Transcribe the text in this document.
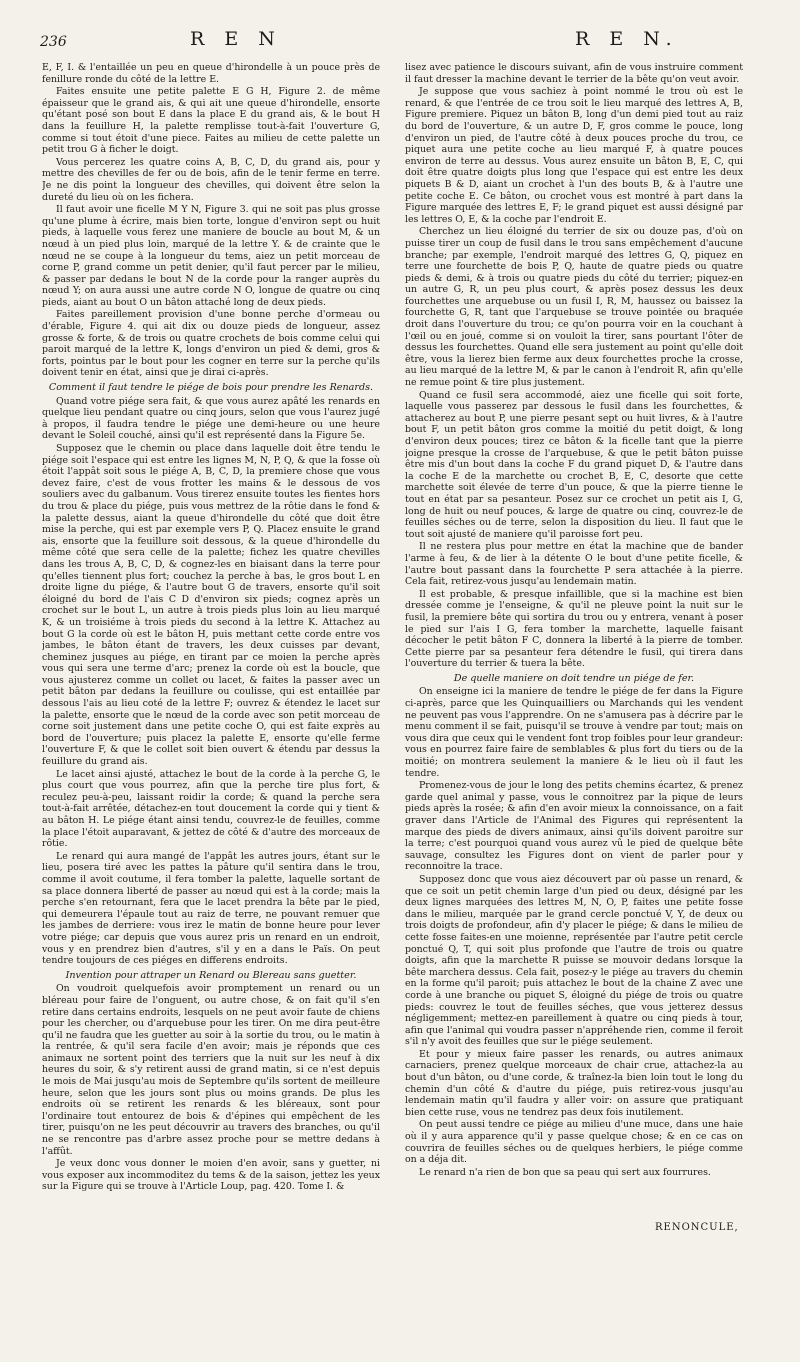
236	R E N	R E N.

E, F, I. & l'entaillée un peu en queue d'hirondelle à un pouce près de fenillure ronde du côté de la lettre E.

Faites ensuite une petite palette E G H, Figure 2. de même épaisseur que le grand ais, & qui ait une queue d'hirondelle, ensorte qu'étant posé son bout E dans la place E du grand ais, & le bout H dans la feuillure H, la palette remplisse tout-à-fait l'ouverture G, comme si tout étoit d'une piece. Faites au milieu de cette palette un petit trou G à ficher le doigt.

Vous percerez les quatre coins A, B, C, D, du grand ais, pour y mettre des chevilles de fer ou de bois, afin de le tenir ferme en terre. Je ne dis point la longueur des chevilles, qui doivent être selon la dureté du lieu où on les fichera.

Il faut avoir une ficelle M Y N, Figure 3. qui ne soit pas plus grosse qu'une plume à écrire, mais bien torte, longue d'environ sept ou huit pieds, à laquelle vous ferez une maniere de boucle au bout M, & un nœud à un pied plus loin, marqué de la lettre Y. & de crainte que le nœud ne se coupe à la longueur du tems, aiez un petit morceau de corne P, grand comme un petit denier, qu'il faut percer par le milieu, & passer par dedans le bout N de la corde pour la ranger auprès du nœud Y; on aura aussi une autre corde N O, longue de quatre ou cinq pieds, aiant au bout O un bâton attaché long de deux pieds.

Faites pareillement provision d'une bonne perche d'ormeau ou d'érable, Figure 4. qui ait dix ou douze pieds de longueur, assez grosse & forte, & de trois ou quatre crochets de bois comme celui qui paroit marqué de la lettre K, longs d'environ un pied & demi, gros & forts, pointus par le bout pour les cogner en terre sur la perche qu'ils doivent tenir en état, ainsi que je dirai ci-après.

Comment il faut tendre le piége de bois pour prendre les Renards.

Quand votre piége sera fait, & que vous aurez apâté les renards en quelque lieu pendant quatre ou cinq jours, selon que vous l'aurez jugé à propos, il faudra tendre le piége une demi-heure ou une heure devant le Soleil couché, ainsi qu'il est représenté dans la Figure 5e.

Supposez que le chemin ou place dans laquelle doit être tendu le piége soit l'espace qui est entre les lignes M, N, P, Q, & que la fosse où étoit l'appât soit sous le piége A, B, C, D, la premiere chose que vous devez faire, c'est de vous frotter les mains & le dessous de vos souliers avec du galbanum. Vous tirerez ensuite toutes les fientes hors du trou & place du piége, puis vous mettrez de la rôtie dans le fond & la palette dessus, aiant la queue d'hirondelle du côté que doit être mise la perche, qui est par exemple vers P, Q. Placez ensuite le grand ais, ensorte que la feuillure soit dessous, & la queue d'hirondelle du même côté que sera celle de la palette; fichez les quatre chevilles dans les trous A, B, C, D, & cognez-les en biaisant dans la terre pour qu'elles tiennent plus fort; couchez la perche à bas, le gros bout L en droite ligne du piége, & l'autre bout G de travers, ensorte qu'il soit éloigné du bord de l'ais C D d'environ six pieds; cognez après un crochet sur le bout L, un autre à trois pieds plus loin au lieu marqué K, & un troisiéme à trois pieds du second à la lettre K. Attachez au bout G la corde où est le bâton H, puis mettant cette corde entre vos jambes, le bâton étant de travers, les deux cuisses par devant, cheminez jusques au piége, en tirant par ce moien la perche après vous qui sera une terme d'arc; prenez la corde où est la boucle, que vous ajusterez comme un collet ou lacet, & faites la passer avec un petit bâton par dedans la feuillure ou coulisse, qui est entaillée par dessous l'ais au lieu coté de la lettre F; ouvrez & étendez le lacet sur la palette, ensorte que le nœud de la corde avec son petit morceau de corne soit justement dans une petite coche O, qui est faite exprès au bord de l'ouverture; puis placez la palette E, ensorte qu'elle ferme l'ouverture F, & que le collet soit bien ouvert & étendu par dessus la feuillure du grand ais.

Le lacet ainsi ajusté, attachez le bout de la corde à la perche G, le plus court que vous pourrez, afin que la perche tire plus fort, & reculez peu-à-peu, laissant roidir la corde; & quand la perche sera tout-à-fait arrêtée, détachez-en tout doucement la corde qui y tient & au bâton H. Le piége étant ainsi tendu, couvrez-le de feuilles, comme la place l'étoit auparavant, & jettez de côté & d'autre des morceaux de rôtie.

Le renard qui aura mangé de l'appât les autres jours, étant sur le lieu, posera tiré avec les pattes la pâture qu'il sentira dans le trou, comme il avoit coutume, il fera tomber la palette, laquelle sortant de sa place donnera liberté de passer au nœud qui est à la corde; mais la perche s'en retournant, fera que le lacet prendra la bête par le pied, qui demeurera l'épaule tout au raiz de terre, ne pouvant remuer que les jambes de derriere: vous irez le matin de bonne heure pour lever votre piége; car depuis que vous aurez pris un renard en un endroit, vous y en prendrez bien d'autres, s'il y en a dans le Païs. On peut tendre toujours de ces piéges en differens endroits.

Invention pour attraper un Renard ou Blereau sans guetter.

On voudroit quelquefois avoir promptement un renard ou un bléreau pour faire de l'onguent, ou autre chose, & on fait qu'il s'en retire dans certains endroits, lesquels on ne peut avoir faute de chiens pour les chercher, ou d'arquebuse pour les tirer. On me dira peut-être qu'il ne faudra que les guetter au soir à la sortie du trou, ou le matin à la rentrée, & qu'il sera facile d'en avoir; mais je réponds que ces animaux ne sortent point des terriers que la nuit sur les neuf à dix heures du soir, & s'y retirent aussi de grand matin, si ce n'est depuis le mois de Mai jusqu'au mois de Septembre qu'ils sortent de meilleure heure, selon que les jours sont plus ou moins grands. De plus les endroits où se retirent les renards & les bléreaux, sont pour l'ordinaire tout entourez de bois & d'épines qui empêchent de les tirer, puisqu'on ne les peut découvrir au travers des branches, ou qu'il ne se rencontre pas d'arbre assez proche pour se mettre dedans à l'affût.

Je veux donc vous donner le moien d'en avoir, sans y guetter, ni vous exposer aux incommoditez du tems & de la saison, jettez les yeux sur la Figure qui se trouve à l'Article Loup, pag. 420. Tome I. &

lisez avec patience le discours suivant, afin de vous instruire comment il faut dresser la machine devant le terrier de la bête qu'on veut avoir.

Je suppose que vous sachiez à point nommé le trou où est le renard, & que l'entrée de ce trou soit le lieu marqué des lettres A, B, Figure premiere. Piquez un bâton B, long d'un demi pied tout au raiz du bord de l'ouverture, & un autre D, F, gros comme le pouce, long d'environ un pied, de l'autre côté à deux pouces proche du trou, ce piquet aura une petite coche au lieu marqué F, à quatre pouces environ de terre au dessus. Vous aurez ensuite un bâton B, E, C, qui doit être quatre doigts plus long que l'espace qui est entre les deux piquets B & D, aiant un crochet à l'un des bouts B, & à l'autre une petite coche E. Ce bâton, ou crochet vous est montré à part dans la Figure marquée des lettres E, F; le grand piquet est aussi désigné par les lettres O, E, & la coche par l'endroit E.

Cherchez un lieu éloigné du terrier de six ou douze pas, d'où on puisse tirer un coup de fusil dans le trou sans empêchement d'aucune branche; par exemple, l'endroit marqué des lettres G, Q, piquez en terre une fourchette de bois P, Q, haute de quatre pieds ou quatre pieds & demi, & à trois ou quatre pieds du côté du terrier; piquez-en un autre G, R, un peu plus court, & après posez dessus les deux fourchettes une arquebuse ou un fusil I, R, M, haussez ou baissez la fourchette G, R, tant que l'arquebuse se trouve pointée ou braquée droit dans l'ouverture du trou; ce qu'on pourra voir en la couchant à l'œil ou en joué, comme si on vouloit la tirer, sans pourtant l'ôter de dessus les fourchettes. Quand elle sera justement au point qu'elle doit être, vous la lierez bien ferme aux deux fourchettes proche la crosse, au lieu marqué de la lettre M, & par le canon à l'endroit R, afin qu'elle ne remue point & tire plus justement.

Quand ce fusil sera accommodé, aiez une ficelle qui soit forte, laquelle vous passerez par dessous le fusil dans les fourchettes, & attacherez au bout P, une pierre pesant sept ou huit livres, & à l'autre bout F, un petit bâton gros comme la moitié du petit doigt, & long d'environ deux pouces; tirez ce bâton & la ficelle tant que la pierre joigne presque la crosse de l'arquebuse, & que le petit bâton puisse être mis d'un bout dans la coche F du grand piquet D, & l'autre dans la coche E de la marchette ou crochet B, E, C, desorte que cette marchette soit élevée de terre d'un pouce, & que la pierre tienne le tout en état par sa pesanteur. Posez sur ce crochet un petit ais I, G, long de huit ou neuf pouces, & large de quatre ou cinq, couvrez-le de feuilles séches ou de terre, selon la disposition du lieu. Il faut que le tout soit ajusté de maniere qu'il paroisse fort peu.

Il ne restera plus pour mettre en état la machine que de bander l'arme à feu, & de lier à la détente O le bout d'une petite ficelle, & l'autre bout passant dans la fourchette P sera attachée à la pierre. Cela fait, retirez-vous jusqu'au lendemain matin.

Il est probable, & presque infaillible, que si la machine est bien dressée comme je l'enseigne, & qu'il ne pleuve point la nuit sur le fusil, la premiere bête qui sortira du trou ou y entrera, venant à poser le pied sur l'ais I G, fera tomber la marchette, laquelle faisant décocher le petit bâton F C, donnera la liberté à la pierre de tomber. Cette pierre par sa pesanteur fera détendre le fusil, qui tirera dans l'ouverture du terrier & tuera la bête.

De quelle maniere on doit tendre un piége de fer.

On enseigne ici la maniere de tendre le piége de fer dans la Figure ci-après, parce que les Quinquailliers ou Marchands qui les vendent ne peuvent pas vous l'apprendre. On ne s'amusera pas à décrire par le menu comment il se fait, puisqu'il se trouve à vendre par tout; mais on vous dira que ceux qui le vendent font trop foibles pour leur grandeur: vous en pourrez faire faire de semblables & plus fort du tiers ou de la moitié; on montrera seulement la maniere & le lieu où il faut les tendre.

Promenez-vous de jour le long des petits chemins écartez, & prenez garde quel animal y passe, vous le connoitrez par la pique de leurs pieds après la rosée; & afin d'en avoir mieux la connoissance, on a fait graver dans l'Article de l'Animal des Figures qui représentent la marque des pieds de divers animaux, ainsi qu'ils doivent paroitre sur la terre; c'est pourquoi quand vous aurez vû le pied de quelque bête sauvage, consultez les Figures dont on vient de parler pour y reconnoitre la trace.

Supposez donc que vous aiez découvert par où passe un renard, & que ce soit un petit chemin large d'un pied ou deux, désigné par les deux lignes marquées des lettres M, N, O, P, faites une petite fosse dans le milieu, marquée par le grand cercle ponctué V, Y, de deux ou trois doigts de profondeur, afin d'y placer le piége; & dans le milieu de cette fosse faites-en une moienne, représentée par l'autre petit cercle ponctué Q, T, qui soit plus profonde que l'autre de trois ou quatre doigts, afin que la marchette R puisse se mouvoir dedans lorsque la bête marchera dessus. Cela fait, posez-y le piége au travers du chemin en la forme qu'il paroit; puis attachez le bout de la chaine Z avec une corde à une branche ou piquet S, éloigné du piége de trois ou quatre pieds: couvrez le tout de feuilles séches, que vous jetterez dessus négligemment; mettez-en pareillement à quatre ou cinq pieds à tour, afin que l'animal qui voudra passer n'appréhende rien, comme il feroit s'il n'y avoit des feuilles que sur le piége seulement.

Et pour y mieux faire passer les renards, ou autres animaux carnaciers, prenez quelque morceaux de chair crue, attachez-la au bout d'un bâton, ou d'une corde, & traînez-la bien loin tout le long du chemin d'un côté & d'autre du piége, puis retirez-vous jusqu'au lendemain matin qu'il faudra y aller voir: on assure que pratiquant bien cette ruse, vous ne tendrez pas deux fois inutilement.

On peut aussi tendre ce piége au milieu d'une muce, dans une haie où il y aura apparence qu'il y passe quelque chose; & en ce cas on couvrira de feuilles séches ou de quelques herbiers, le piége comme on a déja dit.

Le renard n'a rien de bon que sa peau qui sert aux fourrures.

RENONCULE,
